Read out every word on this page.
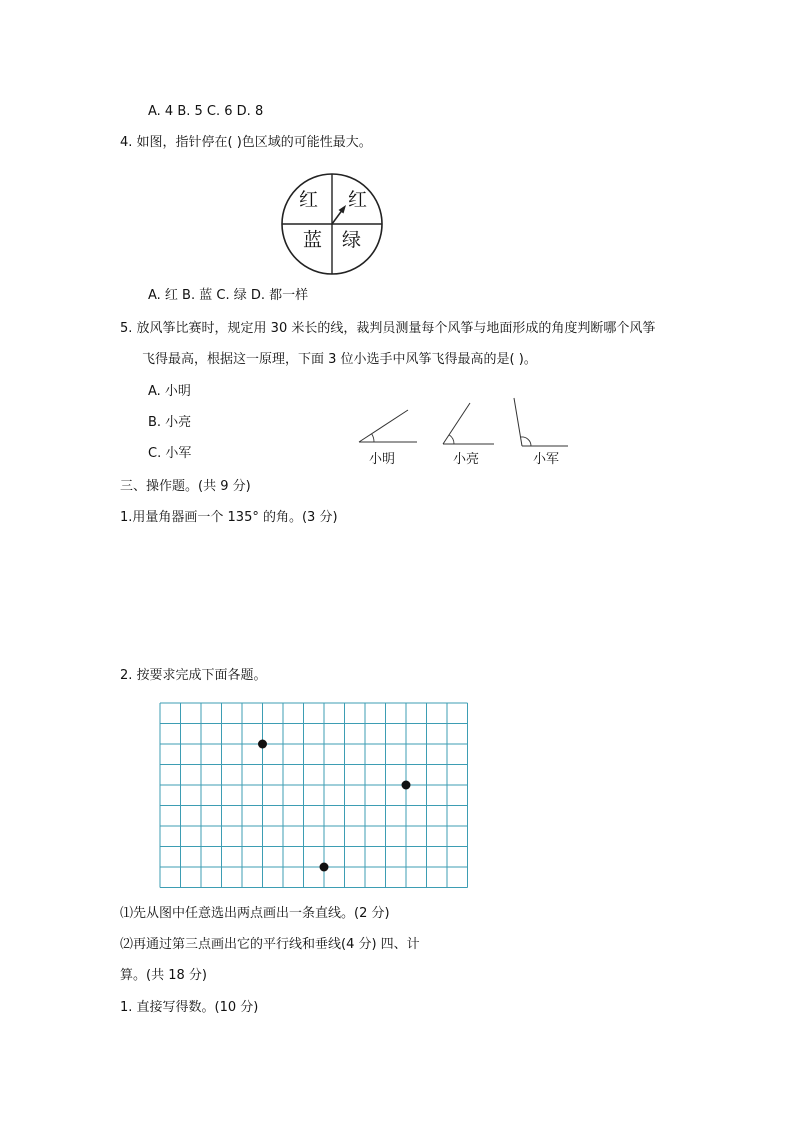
A. 4 B. 5 C. 6 D. 8
4. 如图，指针停在( )色区域的可能性最大。
红 红
蓝 绿
A. 红 B. 蓝 C. 绿 D. 都一样
5. 放风筝比赛时，规定用 30 米长的线，裁判员测量每个风筝与地面形成的角度判断哪个风筝
飞得最高，根据这一原理，下面 3 位小选手中风筝飞得最高的是( )。
A. 小明
B. 小亮
C. 小军	小明	小亮	小军
三、操作题。(共 9 分)
1.用量角器画一个 135° 的角。(3 分)
2. 按要求完成下面各题。
⑴先从图中任意选出两点画出一条直线。(2 分)
⑵再通过第三点画出它的平行线和垂线(4 分) 四、计
算。(共 18 分)
1. 直接写得数。(10 分)
